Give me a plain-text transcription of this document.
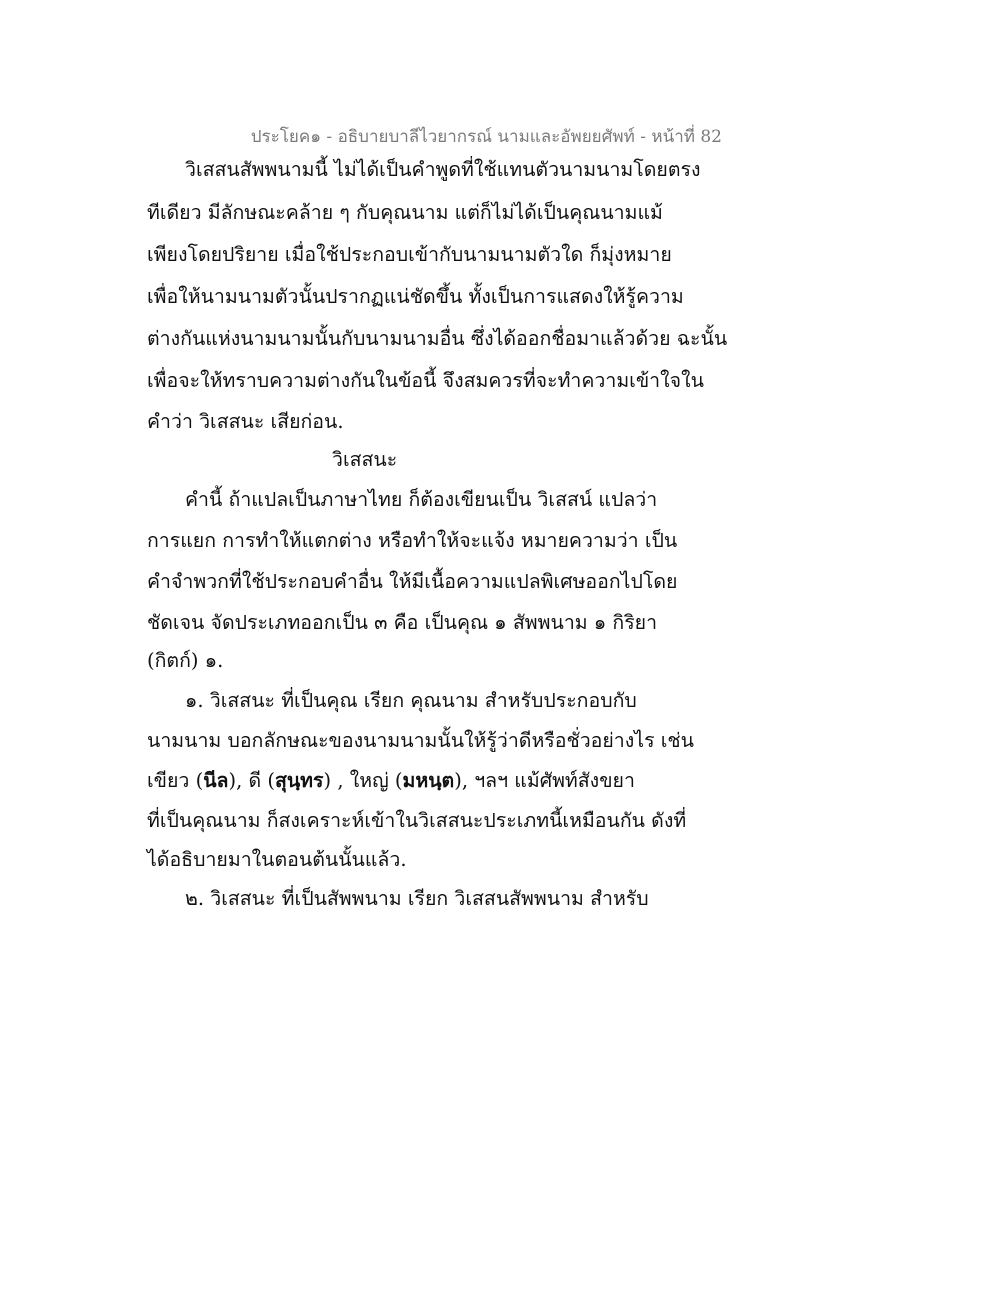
ประโยค๑ - อธิบายบาลีไวยากรณ์ นามและอัพยยศัพท์ - หน้าที่ 82
วิเสสนสัพพนามนี้ ไม่ได้เป็นคำพูดที่ใช้แทนตัวนามนามโดยตรง
ทีเดียว มีลักษณะคล้าย ๆ กับคุณนาม แต่ก็ไม่ได้เป็นคุณนามแม้
เพียงโดยปริยาย เมื่อใช้ประกอบเข้ากับนามนามตัวใด ก็มุ่งหมาย
เพื่อให้นามนามตัวนั้นปรากฏแน่ชัดขึ้น ทั้งเป็นการแสดงให้รู้ความ
ต่างกันแห่งนามนามนั้นกับนามนามอื่น ซึ่งได้ออกชื่อมาแล้วด้วย ฉะนั้น
เพื่อจะให้ทราบความต่างกันในข้อนี้ จึงสมควรที่จะทำความเข้าใจใน
คำว่า วิเสสนะ เสียก่อน.
วิเสสนะ
คำนี้ ถ้าแปลเป็นภาษาไทย ก็ต้องเขียนเป็น วิเสสน์ แปลว่า
การแยก การทำให้แตกต่าง หรือทำให้จะแจ้ง หมายความว่า เป็น
คำจำพวกที่ใช้ประกอบคำอื่น ให้มีเนื้อความแปลพิเศษออกไปโดย
ชัดเจน จัดประเภทออกเป็น ๓ คือ เป็นคุณ ๑ สัพพนาม ๑ กิริยา
(กิตก์) ๑.
๑. วิเสสนะ ที่เป็นคุณ เรียก คุณนาม สำหรับประกอบกับ
นามนาม บอกลักษณะของนามนามนั้นให้รู้ว่าดีหรือชั่วอย่างไร เช่น
เขียว (นีล), ดี (สุนฺทร) , ใหญ่ (มหนฺต), ฯลฯ แม้ศัพท์สังขยา
ที่เป็นคุณนาม ก็สงเคราะห์เข้าในวิเสสนะประเภทนี้เหมือนกัน ดังที่
ได้อธิบายมาในตอนต้นนั้นแล้ว.
๒. วิเสสนะ ที่เป็นสัพพนาม เรียก วิเสสนสัพพนาม สำหรับ
